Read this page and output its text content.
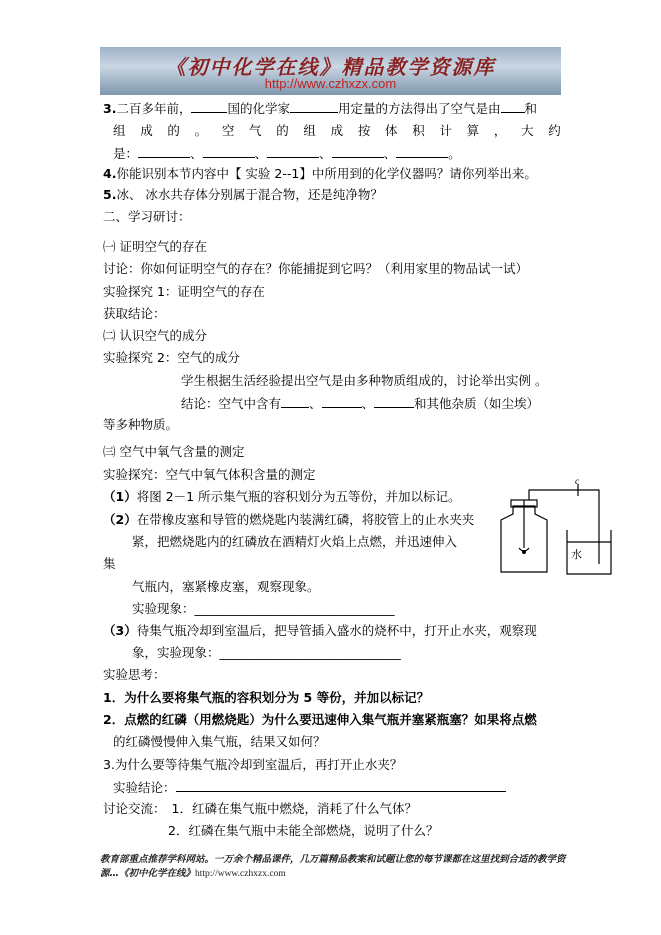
《初中化学在线》精品教学资源库
http://www.czhxzx.com
3.二百多年前，	国的化学家	用定量的方法得出了空气是由 和
组 成 的 。 空 气 的 组 成 按 体 积 计 算 ， 大 约
是：	、	、	、	、	。
4.你能识别本节内容中【 实验 2--1】中所用到的化学仪器吗？请你列举出来。
5.冰、 冰水共存体分别属于混合物，还是纯净物？
二、学习研讨：
㈠ 证明空气的存在
讨论：你如何证明空气的存在？你能捕捉到它吗？（利用家里的物品试一试）
实验探究 1：证明空气的存在
获取结论：
㈡ 认识空气的成分
实验探究 2：空气的成分
学生根据生活经验提出空气是由多种物质组成的，讨论举出实例 。
结论：空气中含有 、	、	和其他杂质（如尘埃）
等多种物质。
㈢ 空气中氧气含量的测定
实验探究：空气中氧气体积含量的测定
（1）将图 2－1 所示集气瓶的容积划分为五等份，并加以标记。
（2）在带橡皮塞和导管的燃烧匙内装满红磷，将胶管上的止水夹夹
紧，把燃烧匙内的红磷放在酒精灯火焰上点燃，并迅速伸入
集
气瓶内，塞紧橡皮塞，观察现象。
实验现象：________________________________
（3）待集气瓶冷却到室温后，把导管插入盛水的烧杯中，打开止水夹，观察现
象，实验现象：_____________________________
实验思考：
1．为什么要将集气瓶的容积划分为 5 等份，并加以标记？
2．点燃的红磷（用燃烧匙）为什么要迅速伸入集气瓶并塞紧瓶塞？如果将点燃
的红磷慢慢伸入集气瓶，结果又如何？
3.为什么要等待集气瓶冷却到室温后，再打开止水夹？
实验结论：
讨论交流： 1．红磷在集气瓶中燃烧，消耗了什么气体？
2．红磷在集气瓶中未能全部燃烧，说明了什么？
c
水
教育部重点推荐学科网站。一万余个精品课件，几万篇精品教案和试题让您的每节课都在这里找到合适的教学资源…《初中化学在线》http://www.czhxzx.com
